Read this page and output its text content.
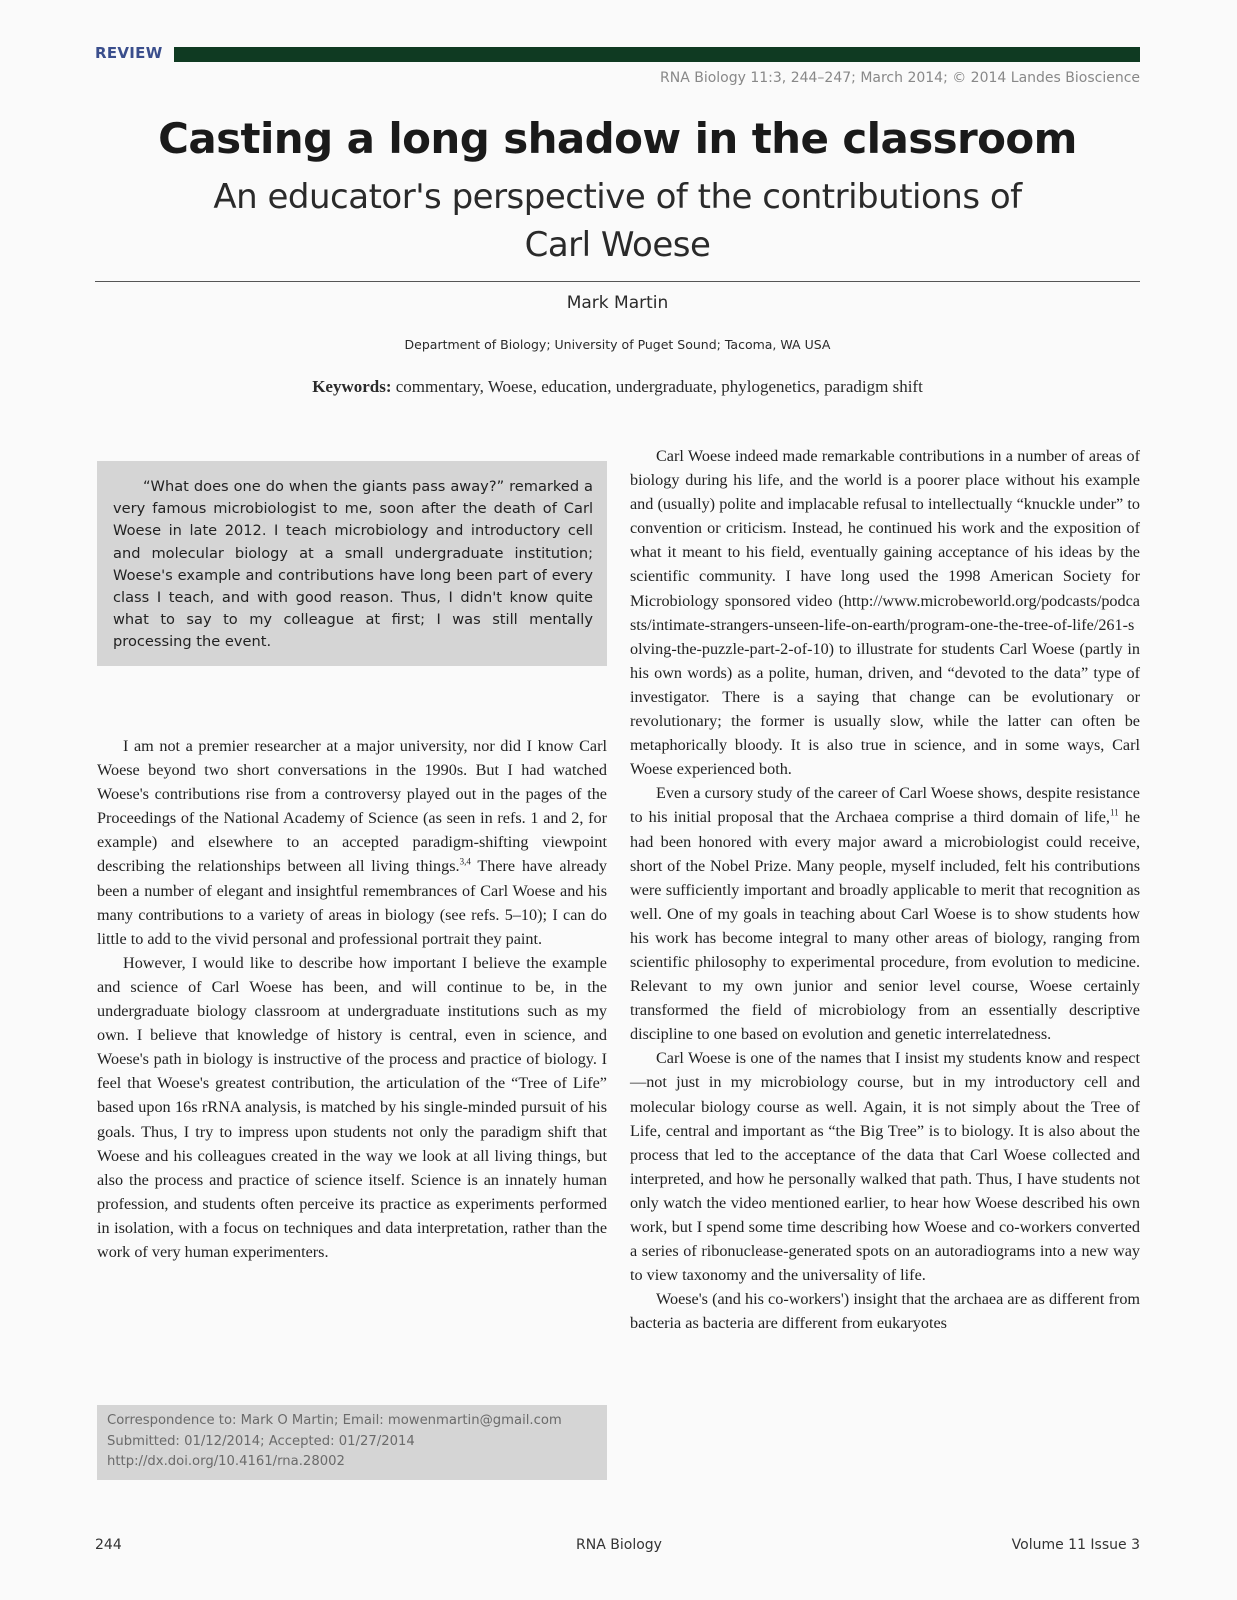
REVIEW
RNA Biology 11:3, 244–247; March 2014; © 2014 Landes Bioscience
Casting a long shadow in the classroom
An educator's perspective of the contributions of Carl Woese
Mark Martin
Department of Biology; University of Puget Sound; Tacoma, WA USA
Keywords: commentary, Woese, education, undergraduate, phylogenetics, paradigm shift
“What does one do when the giants pass away?” remarked a very famous microbiologist to me, soon after the death of Carl Woese in late 2012. I teach microbiology and introductory cell and molecular biology at a small undergraduate institution; Woese's example and contributions have long been part of every class I teach, and with good reason. Thus, I didn't know quite what to say to my colleague at first; I was still mentally processing the event.

I am not a premier researcher at a major university, nor did I know Carl Woese beyond two short conversations in the 1990s. But I had watched Woese's contributions rise from a controversy played out in the pages of the Proceedings of the National Academy of Science (as seen in refs. 1 and 2, for example) and elsewhere to an accepted paradigm-shifting viewpoint describing the relationships between all living things.$^{3,4}$ There have already been a number of elegant and insightful remembrances of Carl Woese and his many contributions to a variety of areas in biology (see refs. 5–10); I can do little to add to the vivid personal and professional portrait they paint.

However, I would like to describe how important I believe the example and science of Carl Woese has been, and will continue to be, in the undergraduate biology classroom at undergraduate institutions such as my own. I believe that knowledge of history is central, even in science, and Woese's path in biology is instructive of the process and practice of biology. I feel that Woese's greatest contribution, the articulation of the “Tree of Life” based upon 16s rRNA analysis, is matched by his single-minded pursuit of his goals. Thus, I try to impress upon students not only the paradigm shift that Woese and his colleagues created in the way we look at all living things, but also the process and practice of science itself. Science is an innately human profession, and students often perceive its practice as experiments performed in isolation, with a focus on techniques and data interpretation, rather than the work of very human experimenters.

Carl Woese indeed made remarkable contributions in a number of areas of biology during his life, and the world is a poorer place without his example and (usually) polite and implacable refusal to intellectually “knuckle under” to convention or criticism. Instead, he continued his work and the exposition of what it meant to his field, eventually gaining acceptance of his ideas by the scientific community. I have long used the 1998 American Society for Microbiology sponsored video (http://www.microbeworld.org/podcasts/podcasts/intimate-strangers-unseen-life-on-earth/program-one-the-tree-of-life/261-solving-the-puzzle-part-2-of-10) to illustrate for students Carl Woese (partly in his own words) as a polite, human, driven, and “devoted to the data” type of investigator. There is a saying that change can be evolutionary or revolutionary; the former is usually slow, while the latter can often be metaphorically bloody. It is also true in science, and in some ways, Carl Woese experienced both.

Even a cursory study of the career of Carl Woese shows, despite resistance to his initial proposal that the Archaea comprise a third domain of life,$^{11}$ he had been honored with every major award a microbiologist could receive, short of the Nobel Prize. Many people, myself included, felt his contributions were sufficiently important and broadly applicable to merit that recognition as well. One of my goals in teaching about Carl Woese is to show students how his work has become integral to many other areas of biology, ranging from scientific philosophy to experimental procedure, from evolution to medicine. Relevant to my own junior and senior level course, Woese certainly transformed the field of microbiology from an essentially descriptive discipline to one based on evolution and genetic interrelatedness.

Carl Woese is one of the names that I insist my students know and respect—not just in my microbiology course, but in my introductory cell and molecular biology course as well. Again, it is not simply about the Tree of Life, central and important as “the Big Tree” is to biology. It is also about the process that led to the acceptance of the data that Carl Woese collected and interpreted, and how he personally walked that path. Thus, I have students not only watch the video mentioned earlier, to hear how Woese described his own work, but I spend some time describing how Woese and co-workers converted a series of ribonuclease-generated spots on an autoradiograms into a new way to view taxonomy and the universality of life.

Woese's (and his co-workers') insight that the archaea are as different from bacteria as bacteria are different from eukaryotes

Correspondence to: Mark O Martin; Email: mowenmartin@gmail.com
Submitted: 01/12/2014; Accepted: 01/27/2014
http://dx.doi.org/10.4161/rna.28002
244	RNA Biology	Volume 11 Issue 3
